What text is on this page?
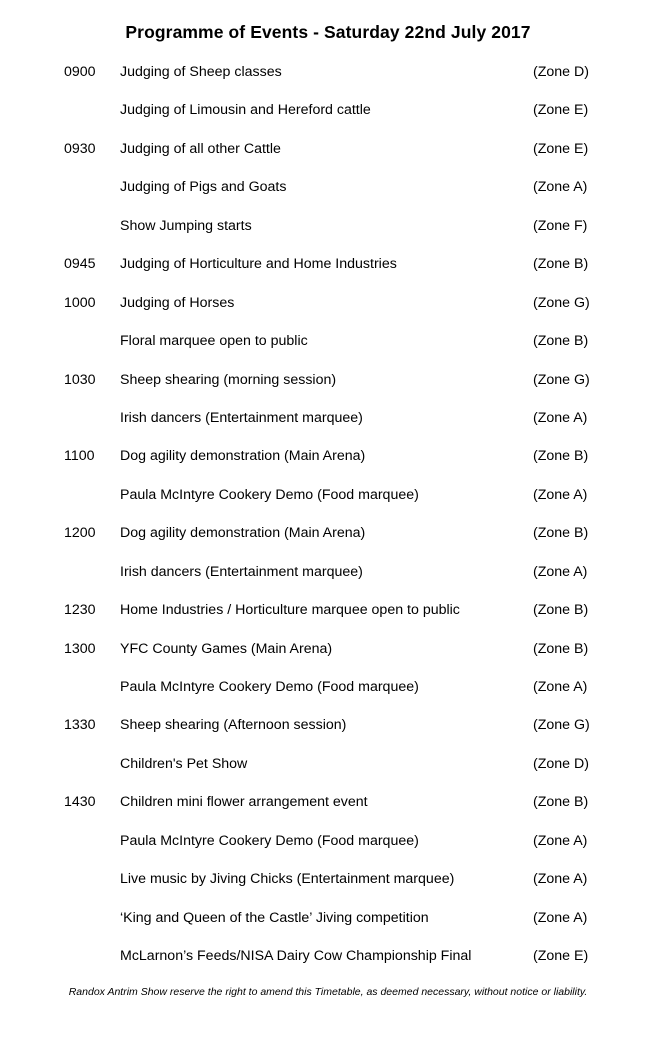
Programme of Events - Saturday 22nd July 2017
0900 Judging of Sheep classes	(Zone D)
Judging of Limousin and Hereford cattle	(Zone E)
0930 Judging of all other Cattle	(Zone E)
Judging of Pigs and Goats	(Zone A)
Show Jumping starts	(Zone F)
0945 Judging of Horticulture and Home Industries	(Zone B)
1000 Judging of Horses	(Zone G)
Floral marquee open to public	(Zone B)
1030 Sheep shearing (morning session)	(Zone G)
Irish dancers (Entertainment marquee)	(Zone A)
1100 Dog agility demonstration (Main Arena)	(Zone B)
Paula McIntyre Cookery Demo (Food marquee)	(Zone A)
1200 Dog agility demonstration (Main Arena)	(Zone B)
Irish dancers (Entertainment marquee)	(Zone A)
1230 Home Industries / Horticulture marquee open to public	(Zone B)
1300 YFC County Games (Main Arena)	(Zone B)
Paula McIntyre Cookery Demo (Food marquee)	(Zone A)
1330 Sheep shearing (Afternoon session)	(Zone G)
Children's Pet Show	(Zone D)
1430 Children mini flower arrangement event	(Zone B)
Paula McIntyre Cookery Demo (Food marquee)	(Zone A)
Live music by Jiving Chicks (Entertainment marquee)	(Zone A)
‘King and Queen of the Castle’ Jiving competition	(Zone A)
McLarnon’s Feeds/NISA Dairy Cow Championship Final	(Zone E)
Randox Antrim Show reserve the right to amend this Timetable, as deemed necessary, without notice or liability.
